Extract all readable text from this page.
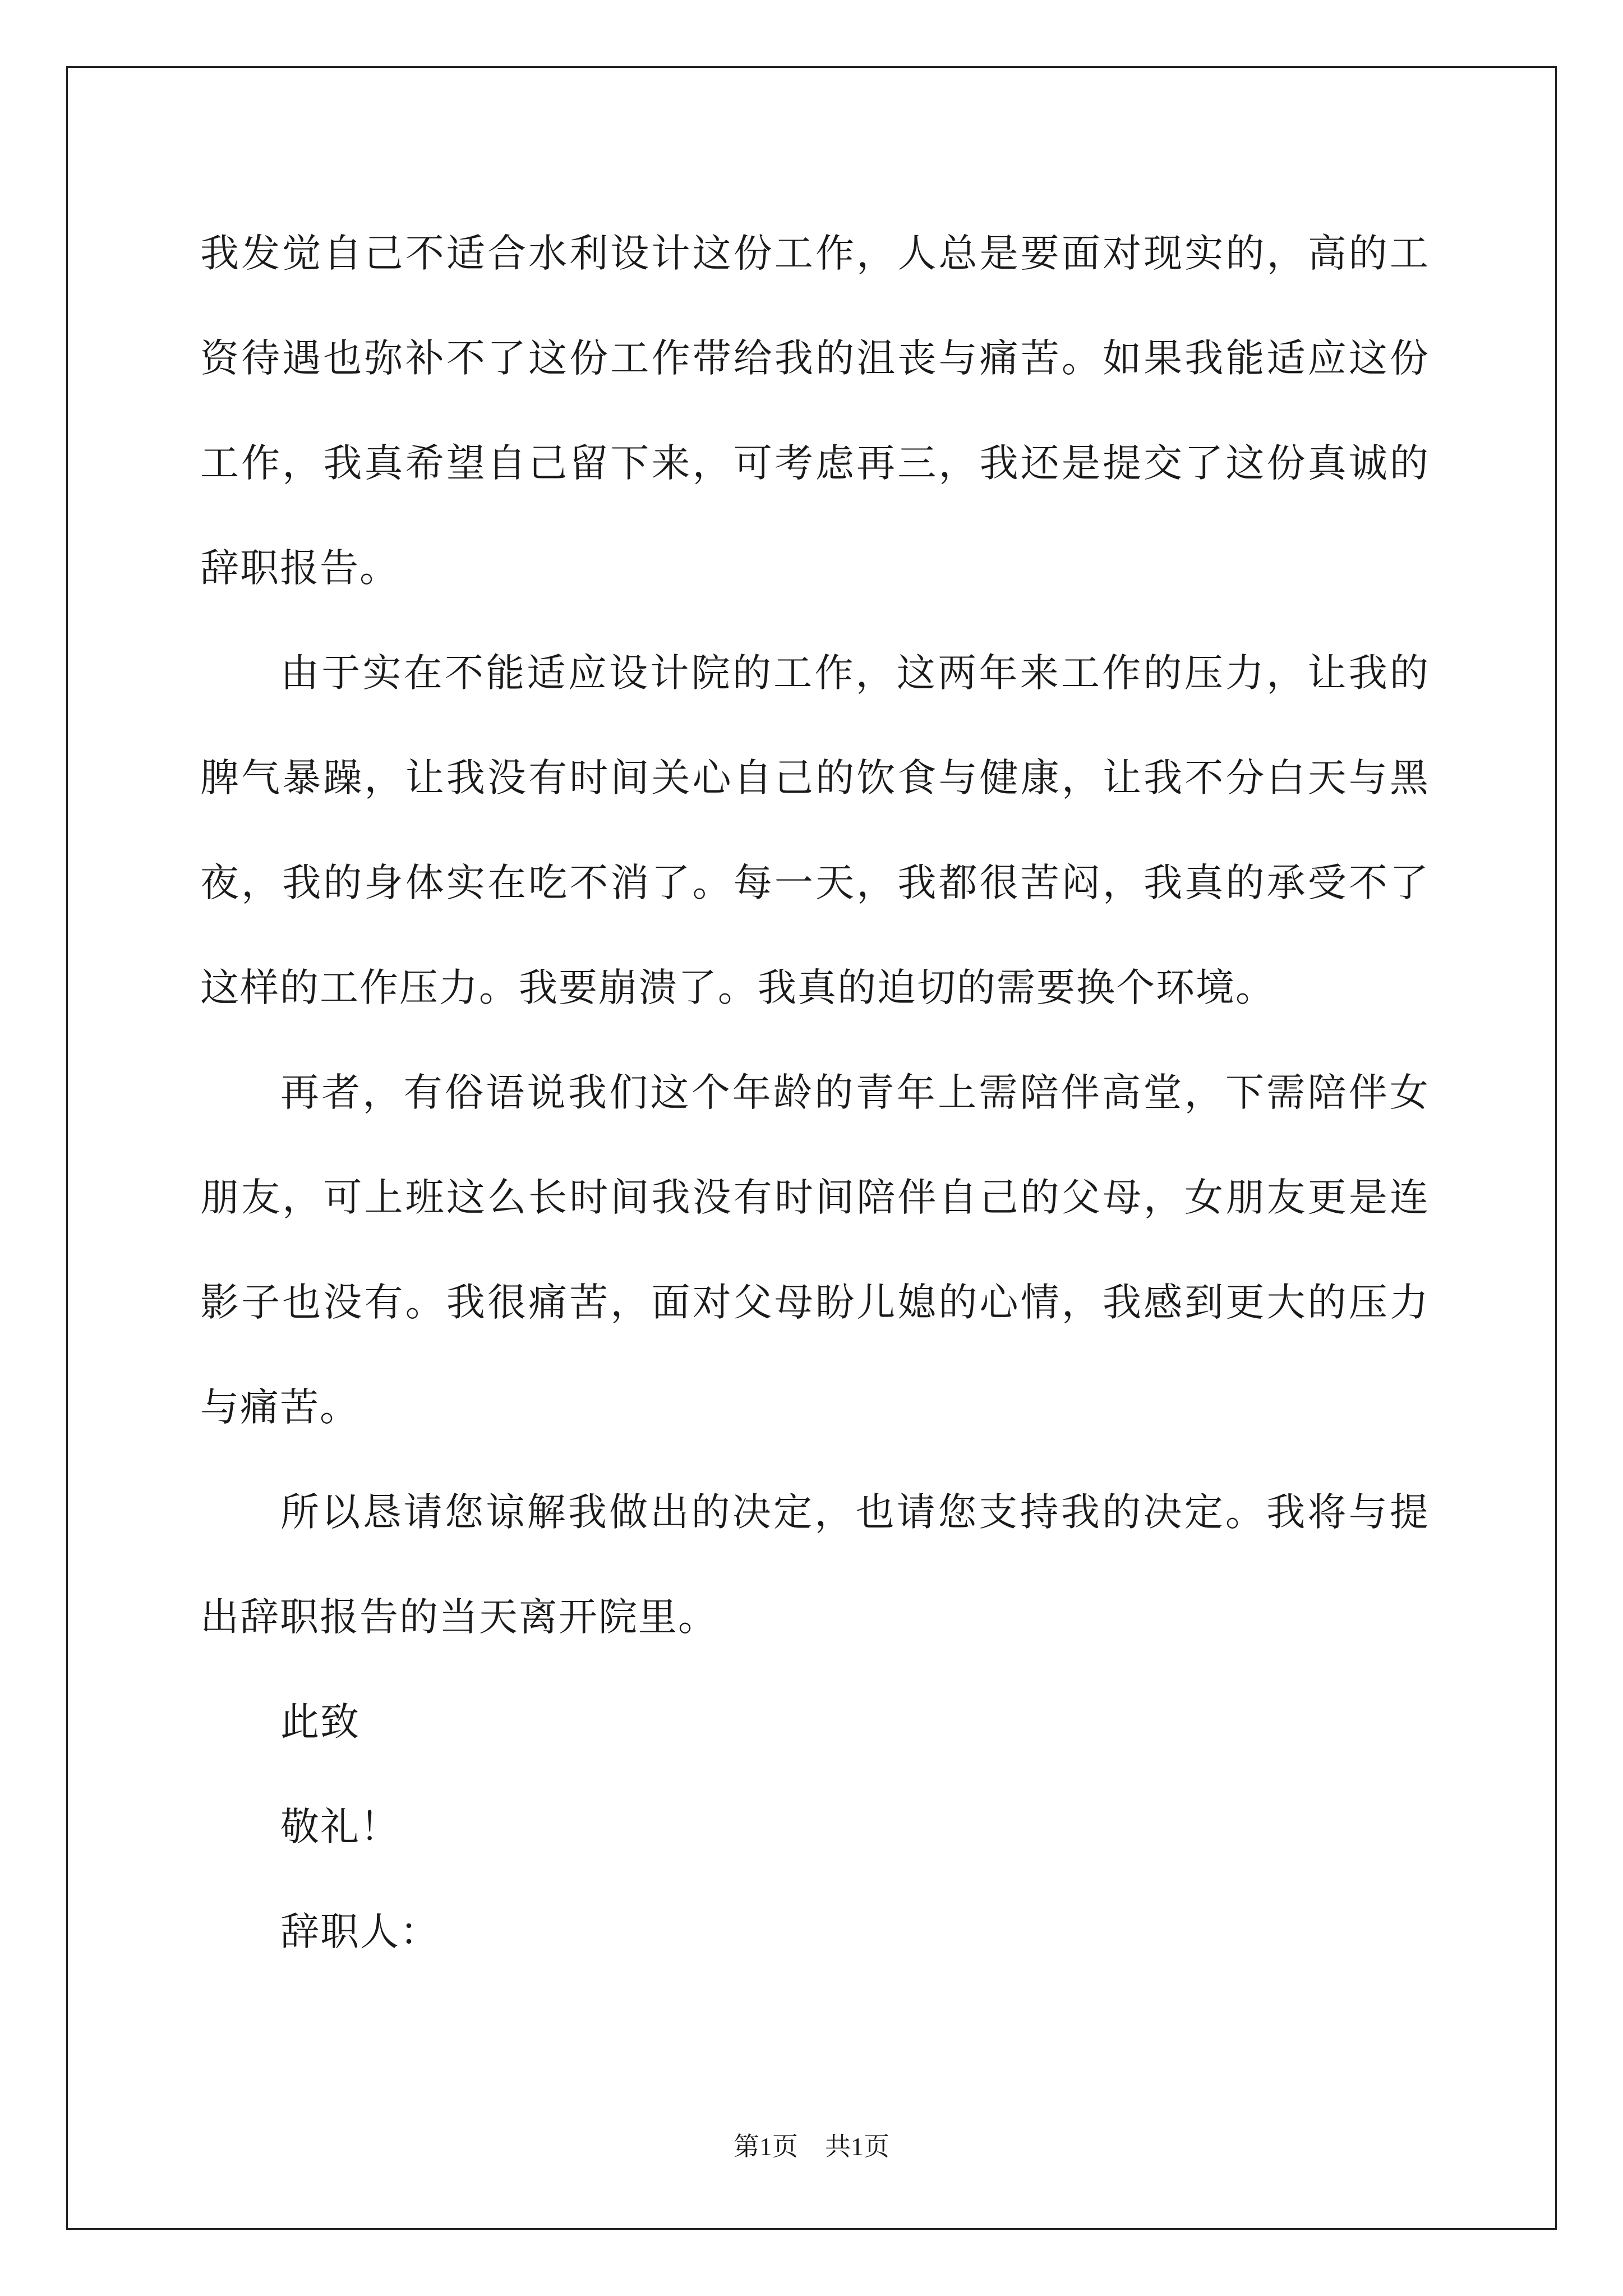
我发觉自己不适合水利设计这份工作，人总是要面对现实的，高的工
资待遇也弥补不了这份工作带给我的沮丧与痛苦。如果我能适应这份
工作，我真希望自己留下来，可考虑再三，我还是提交了这份真诚的
辞职报告。
由于实在不能适应设计院的工作，这两年来工作的压力，让我的
脾气暴躁，让我没有时间关心自己的饮食与健康，让我不分白天与黑
夜，我的身体实在吃不消了。每一天，我都很苦闷，我真的承受不了
这样的工作压力。我要崩溃了。我真的迫切的需要换个环境。
再者，有俗语说我们这个年龄的青年上需陪伴高堂，下需陪伴女
朋友，可上班这么长时间我没有时间陪伴自己的父母，女朋友更是连
影子也没有。我很痛苦，面对父母盼儿媳的心情，我感到更大的压力
与痛苦。
所以恳请您谅解我做出的决定，也请您支持我的决定。我将与提
出辞职报告的当天离开院里。
此致
敬礼！
辞职人：
第1页 共1页
